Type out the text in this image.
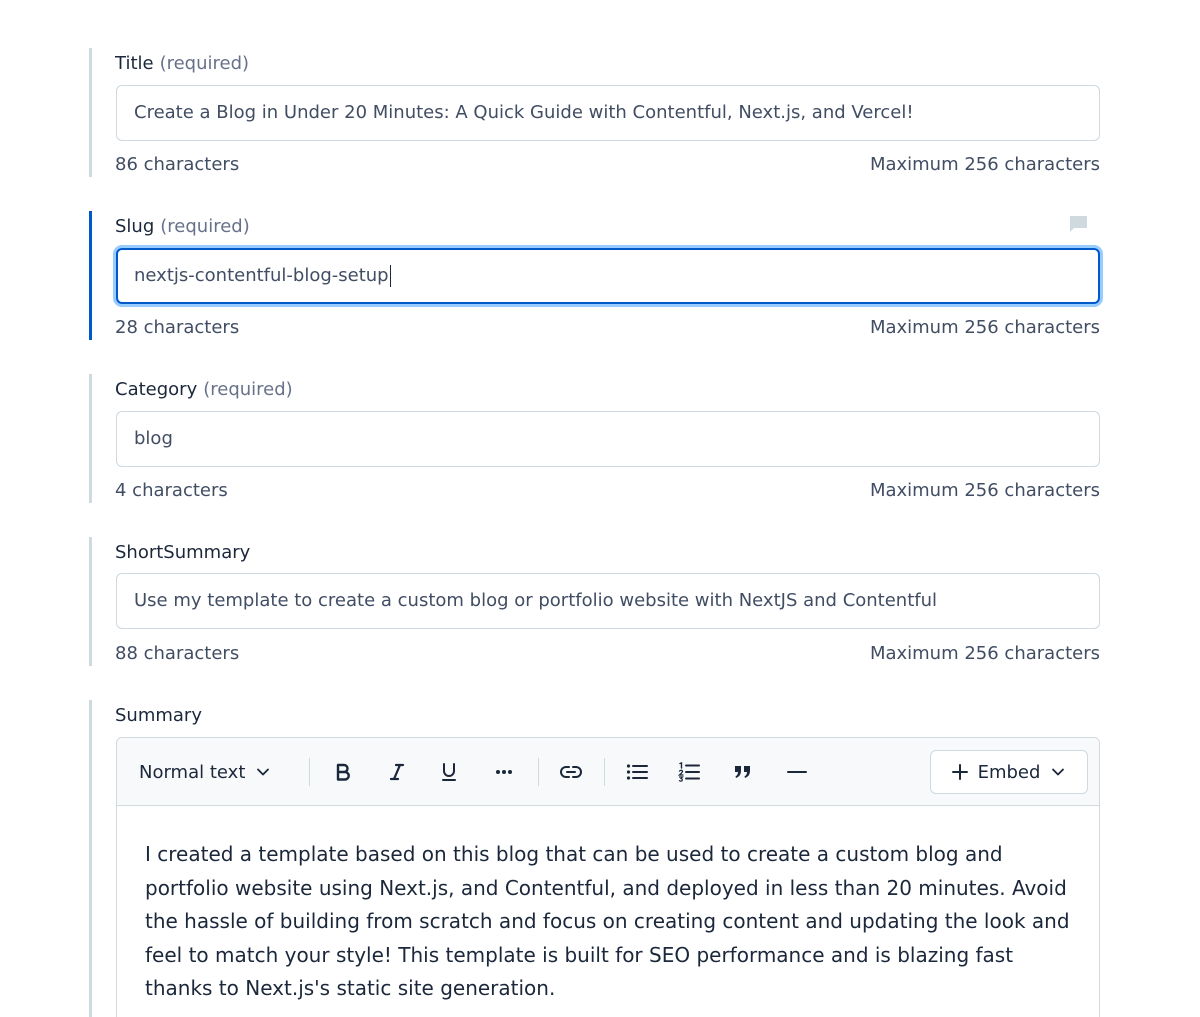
Title (required)
Create a Blog in Under 20 Minutes: A Quick Guide with Contentful, Next.js, and Vercel!
86 characters	Maximum 256 characters
Slug (required)
nextjs-contentful-blog-setup
28 characters	Maximum 256 characters
Category (required)
blog
4 characters	Maximum 256 characters
ShortSummary
Use my template to create a custom blog or portfolio website with NextJS and Contentful
88 characters	Maximum 256 characters
Summary
Normal text	Embed

I created a template based on this blog that can be used to create a custom blog and portfolio website using Next.js, and Contentful, and deployed in less than 20 minutes. Avoid the hassle of building from scratch and focus on creating content and updating the look and feel to match your style! This template is built for SEO performance and is blazing fast thanks to Next.js's static site generation.
